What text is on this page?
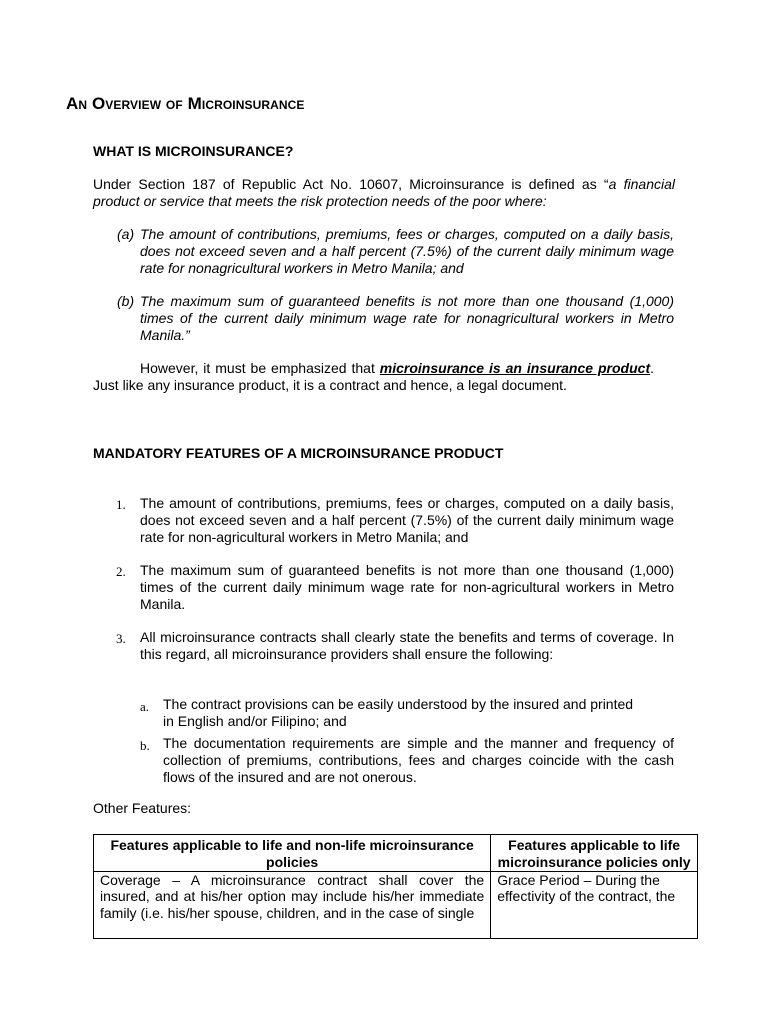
An Overview of Microinsurance
WHAT IS MICROINSURANCE?

Under Section 187 of Republic Act No. 10607, Microinsurance is defined as “a financial product or service that meets the risk protection needs of the poor where:

(a) The amount of contributions, premiums, fees or charges, computed on a daily basis, does not exceed seven and a half percent (7.5%) of the current daily minimum wage rate for nonagricultural workers in Metro Manila; and

(b) The maximum sum of guaranteed benefits is not more than one thousand (1,000) times of the current daily minimum wage rate for nonagricultural workers in Metro Manila.”

However, it must be emphasized that microinsurance is an insurance product. Just like any insurance product, it is a contract and hence, a legal document.

MANDATORY FEATURES OF A MICROINSURANCE PRODUCT
1. The amount of contributions, premiums, fees or charges, computed on a daily basis, does not exceed seven and a half percent (7.5%) of the current daily minimum wage rate for non-agricultural workers in Metro Manila; and

2. The maximum sum of guaranteed benefits is not more than one thousand (1,000) times of the current daily minimum wage rate for non-agricultural workers in Metro Manila.

3. All microinsurance contracts shall clearly state the benefits and terms of coverage. In this regard, all microinsurance providers shall ensure the following:

a. The contract provisions can be easily understood by the insured and printed in English and/or Filipino; and

b. The documentation requirements are simple and the manner and frequency of collection of premiums, contributions, fees and charges coincide with the cash flows of the insured and are not onerous.

Other Features:

Features applicable to life and non-life microinsurance policies	Features applicable to life microinsurance policies only

Coverage – A microinsurance contract shall cover the insured, and at his/her option may include his/her immediate family (i.e. his/her spouse, children, and in the case of single	Grace Period – During the effectivity of the contract, the
